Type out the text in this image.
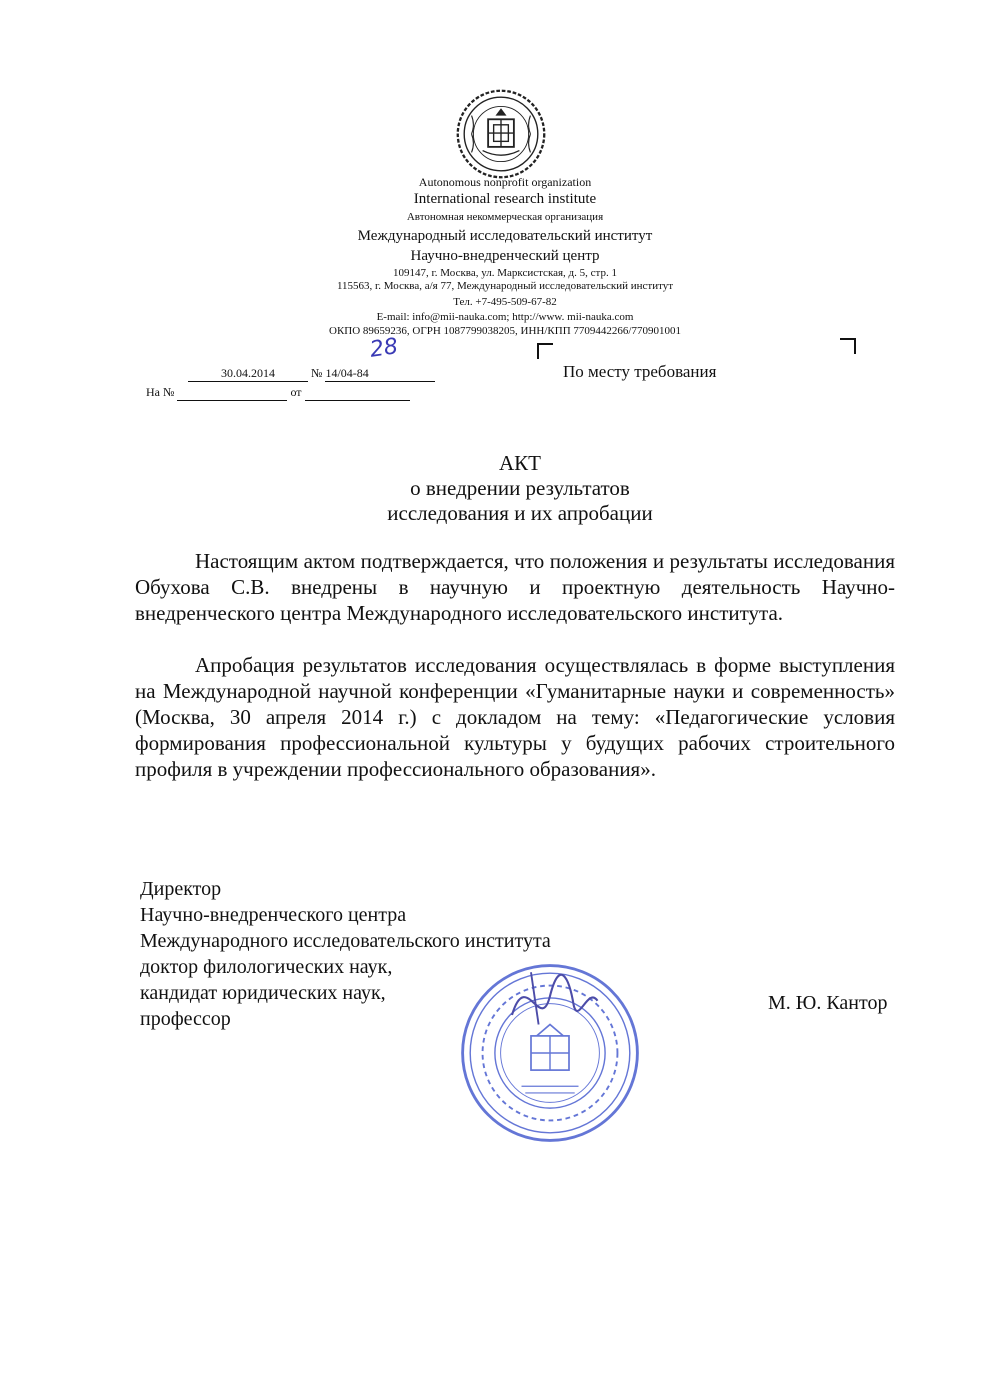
Autonomous nonprofit organization
International research institute
Автономная некоммерческая организация
Международный исследовательский институт
Научно-внедренческий центр
109147, г. Москва, ул. Марксистская, д. 5, стр. 1
115563, г. Москва, а/я 77, Международный исследовательский институт
Тел. +7-495-509-67-82
E-mail: info@mii-nauka.com; http://www. mii-nauka.com
ОКПО 89659236, ОГРН 1087799038205, ИНН/КПП 7709442266/770901001
30.04.2014	№ 14/04-84
28
На №	от
По месту требования
АКТ
о внедрении результатов
исследования и их апробации

Настоящим актом подтверждается, что положения и результаты исследования Обухова С.В. внедрены в научную и проектную деятельность Научно-внедренческого центра Международного исследовательского института.

Апробация результатов исследования осуществлялась в форме выступления на Международной научной конференции «Гуманитарные науки и современность» (Москва, 30 апреля 2014 г.) с докладом на тему: «Педагогические условия формирования профессиональной культуры у будущих рабочих строительного профиля в учреждении профессионального образования».

Директор
Научно-внедренческого центра
Международного исследовательского института
доктор филологических наук,
кандидат юридических наук,
профессор
М. Ю. Кантор
